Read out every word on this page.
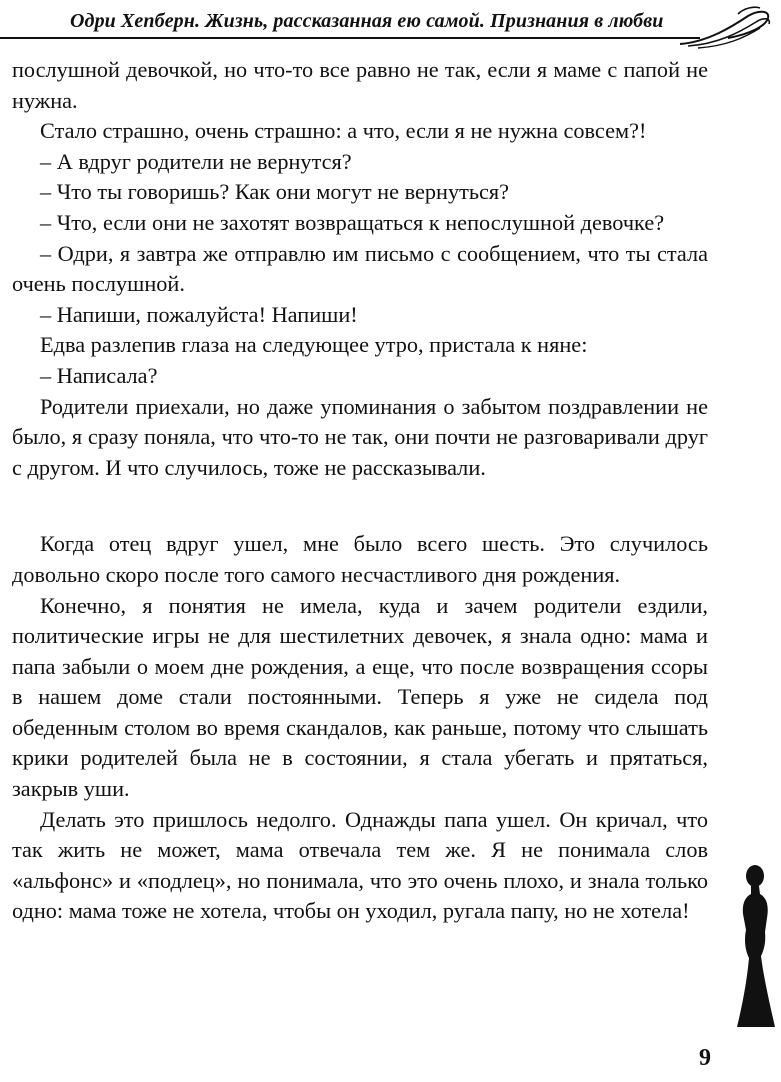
Одри Хепберн. Жизнь, рассказанная ею самой. Признания в любви

послушной девочкой, но что-то все равно не так, если я маме с папой не нужна.

Стало страшно, очень страшно: а что, если я не нужна совсем?!

– А вдруг родители не вернутся?

– Что ты говоришь? Как они могут не вернуться?

– Что, если они не захотят возвращаться к непослушной девочке?

– Одри, я завтра же отправлю им письмо с сообщением, что ты стала очень послушной.

– Напиши, пожалуйста! Напиши!

Едва разлепив глаза на следующее утро, пристала к няне:

– Написала?

Родители приехали, но даже упоминания о забытом поздравлении не было, я сразу поняла, что что-то не так, они почти не разговаривали друг с другом. И что случилось, тоже не рассказывали.

Когда отец вдруг ушел, мне было всего шесть. Это случилось довольно скоро после того самого несчастливого дня рождения.

Конечно, я понятия не имела, куда и зачем родители ездили, политические игры не для шестилетних девочек, я знала одно: мама и папа забыли о моем дне рождения, а еще, что после возвращения ссоры в нашем доме стали постоянными. Теперь я уже не сидела под обеденным столом во время скандалов, как раньше, потому что слышать крики родителей была не в состоянии, я стала убегать и прятаться, закрыв уши.

Делать это пришлось недолго. Однажды папа ушел. Он кричал, что так жить не может, мама отвечала тем же. Я не понимала слов «альфонс» и «подлец», но понимала, что это очень плохо, и знала только одно: мама тоже не хотела, чтобы он уходил, ругала папу, но не хотела!

9
